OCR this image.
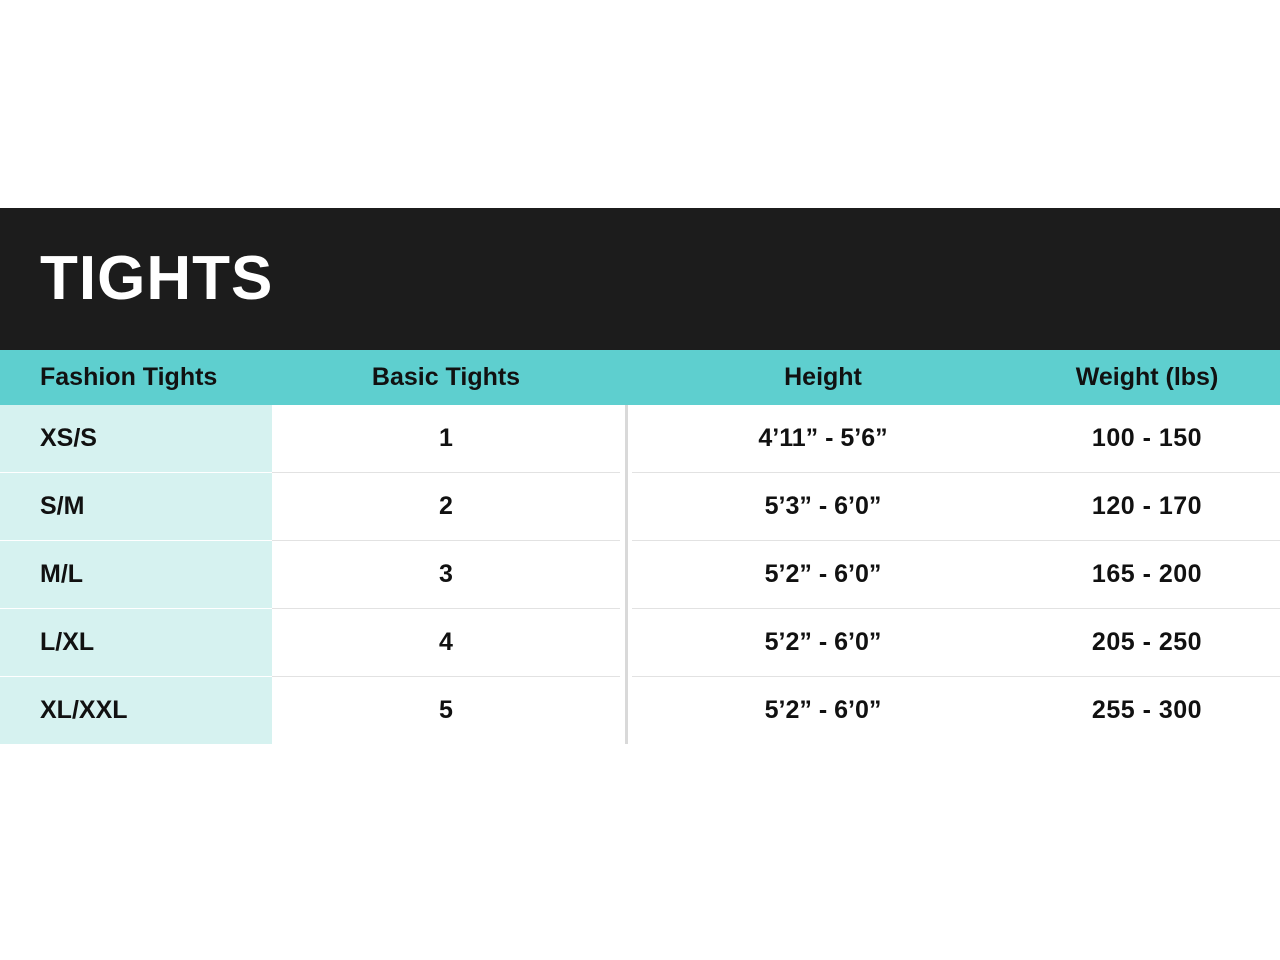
TIGHTS
Fashion Tights	Basic Tights		Height	Weight (lbs)
XS/S	1		4’11” - 5’6”	100 - 150
S/M	2		5’3” - 6’0”	120 - 170
M/L	3		5’2” - 6’0”	165 - 200
L/XL	4		5’2” - 6’0”	205 - 250
XL/XXL	5		5’2” - 6’0”	255 - 300
